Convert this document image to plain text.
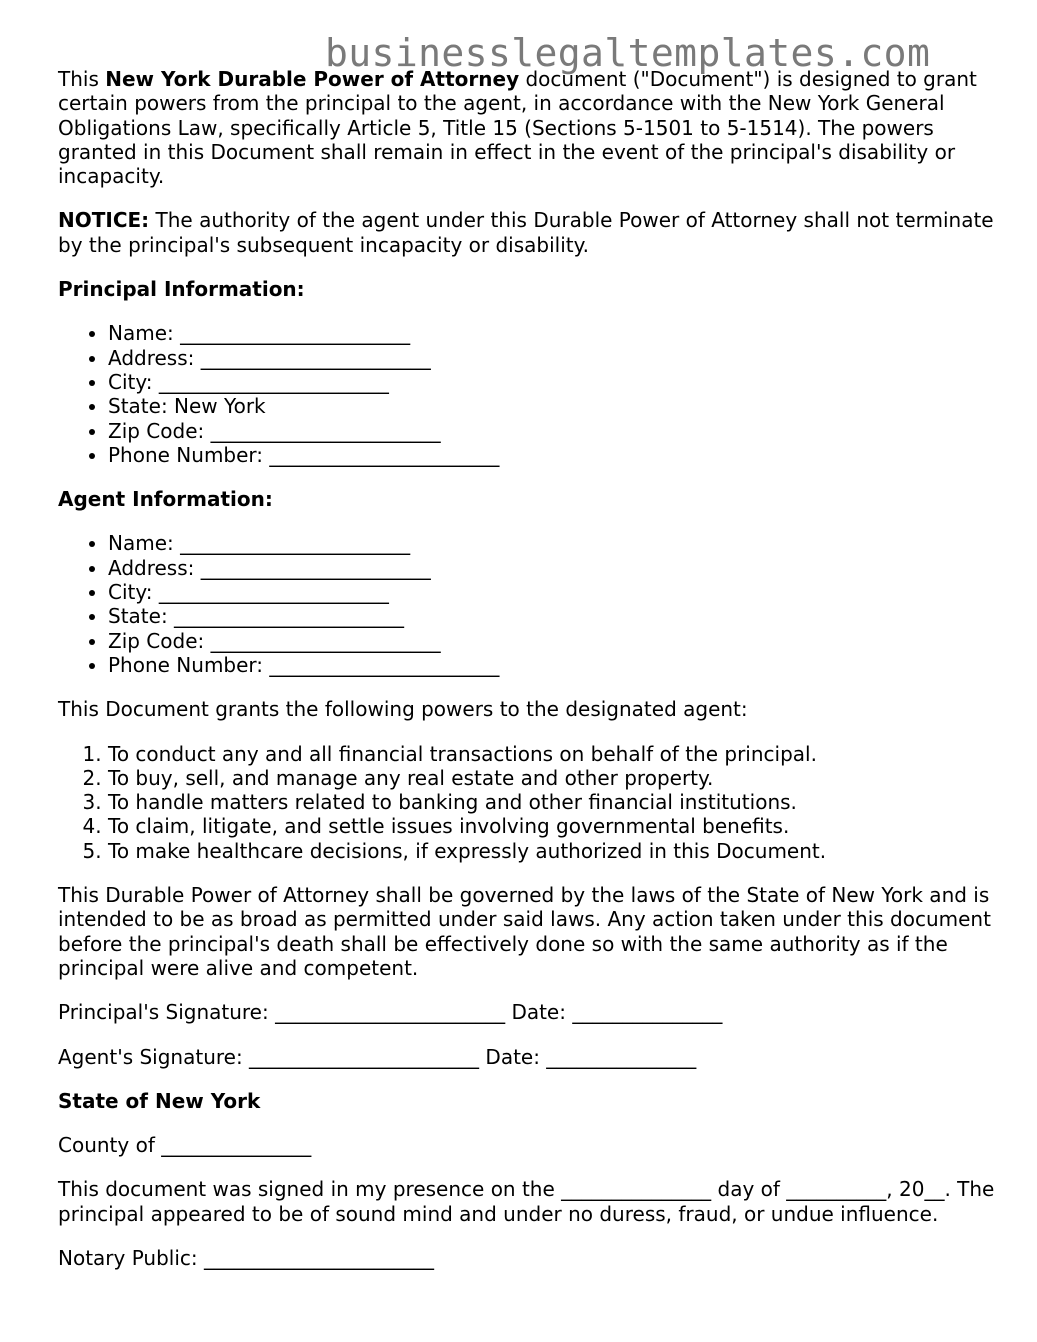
businesslegaltemplates.com

This New York Durable Power of Attorney document ("Document") is designed to grant certain powers from the principal to the agent, in accordance with the New York General Obligations Law, specifically Article 5, Title 15 (Sections 5-1501 to 5-1514). The powers granted in this Document shall remain in effect in the event of the principal's disability or incapacity.

NOTICE: The authority of the agent under this Durable Power of Attorney shall not terminate by the principal's subsequent incapacity or disability.

Principal Information:
• Name: _______________________
• Address: _______________________
• City: _______________________
• State: New York
• Zip Code: _______________________
• Phone Number: _______________________
Agent Information:
• Name: _______________________
• Address: _______________________
• City: _______________________
• State: _______________________
• Zip Code: _______________________
• Phone Number: _______________________

This Document grants the following powers to the designated agent:

1. To conduct any and all financial transactions on behalf of the principal.
2. To buy, sell, and manage any real estate and other property.
3. To handle matters related to banking and other financial institutions.
4. To claim, litigate, and settle issues involving governmental benefits.
5. To make healthcare decisions, if expressly authorized in this Document.

This Durable Power of Attorney shall be governed by the laws of the State of New York and is intended to be as broad as permitted under said laws. Any action taken under this document before the principal's death shall be effectively done so with the same authority as if the principal were alive and competent.

Principal's Signature: _______________________ Date: _______________

Agent's Signature: _______________________ Date: _______________

State of New York

County of _______________

This document was signed in my presence on the _______________ day of __________, 20__. The principal appeared to be of sound mind and under no duress, fraud, or undue influence.

Notary Public: _______________________
